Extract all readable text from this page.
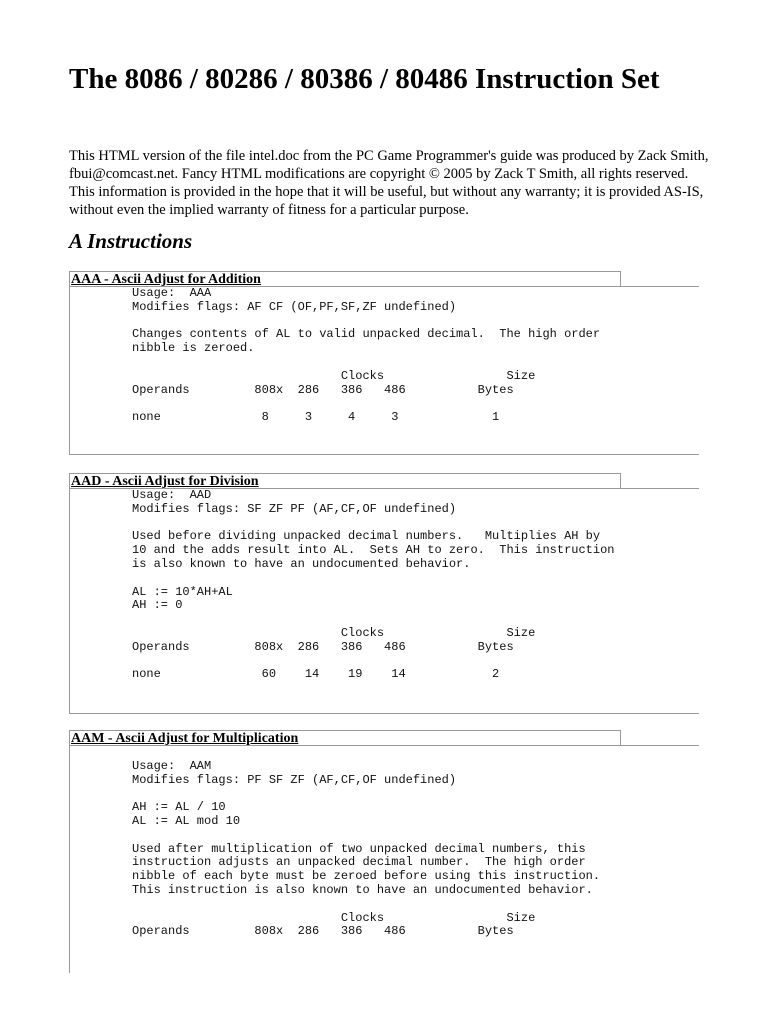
The 8086 / 80286 / 80386 / 80486 Instruction Set

This HTML version of the file intel.doc from the PC Game Programmer's guide was produced by Zack Smith, fbui@comcast.net. Fancy HTML modifications are copyright © 2005 by Zack T Smith, all rights reserved. This information is provided in the hope that it will be useful, but without any warranty; it is provided AS-IS, without even the implied warranty of fitness for a particular purpose.

A Instructions
AAA - Ascii Adjust for Addition
Usage:  AAA
Modifies flags: AF CF (OF,PF,SF,ZF undefined)

Changes contents of AL to valid unpacked decimal.  The high order
nibble is zeroed.

Clocks                 Size
Operands         808x  286   386   486          Bytes

none              8     3     4     3             1

AAD - Ascii Adjust for Division
Usage:  AAD
Modifies flags: SF ZF PF (AF,CF,OF undefined)

Used before dividing unpacked decimal numbers.   Multiplies AH by
10 and the adds result into AL.  Sets AH to zero.  This instruction
is also known to have an undocumented behavior.

AL := 10*AH+AL
AH := 0

Clocks                 Size
Operands         808x  286   386   486          Bytes

none              60    14    19    14            2

AAM - Ascii Adjust for Multiplication

Usage:  AAM
Modifies flags: PF SF ZF (AF,CF,OF undefined)

AH := AL / 10
AL := AL mod 10

Used after multiplication of two unpacked decimal numbers, this
instruction adjusts an unpacked decimal number.  The high order
nibble of each byte must be zeroed before using this instruction.
This instruction is also known to have an undocumented behavior.

Clocks                 Size
Operands         808x  286   386   486          Bytes
